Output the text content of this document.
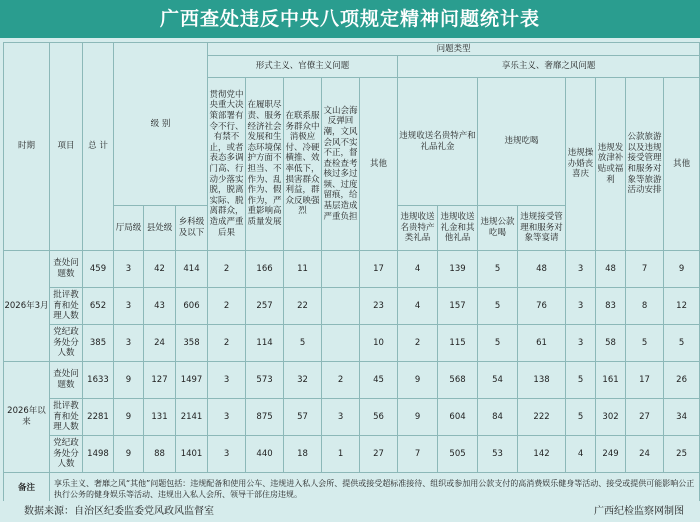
广西查处违反中央八项规定精神问题统计表
时期	项目	总 计	级 别			问题类型												
						形式主义、官僚主义问题					享乐主义、奢靡之风问题							
						贯彻党中央重大决策部署有令不行、有禁不止，或者表态多调门高、行动少落实脱，脱离实际、脱离群众，造成严重后果	在履职尽责、服务经济社会发展和生态环境保护方面不担当、不作为、乱作为、假作为，严重影响高质量发展	在联系服务群众中消极应付、冷硬横推、效率低下，损害群众利益，群众反映强烈	文山会海反弹回潮，文风会风不实不正，督查检查考核过多过频、过度留痕，给基层造成严重负担	其他	违规收送名贵特产和礼品礼金		违规吃喝		违规操办婚丧喜庆	违规发放津补贴或福利	公款旅游以及违规接受管理和服务对象等旅游活动安排	其他
			厅局级	县处级	乡科级及以下						违规收送名贵特产类礼品	违规收送礼金和其他礼品	违规公款吃喝	违规接受管理和服务对象等宴请				
2026年3月	查处问题数	459	3	42	414	2	166	11		17	4	139	5	48	3	48	7	9
	批评教育和处理人数	652	3	43	606	2	257	22		23	4	157	5	76	3	83	8	12
	党纪政务处分人数	385	3	24	358	2	114	5		10	2	115	5	61	3	58	5	5
2026年以来	查处问题数	1633	9	127	1497	3	573	32	2	45	9	568	54	138	5	161	17	26
	批评教育和处理人数	2281	9	131	2141	3	875	57	3	56	9	604	84	222	5	302	27	34
	党纪政务处分人数	1498	9	88	1401	3	440	18	1	27	7	505	53	142	4	249	24	25
备注	享乐主义、奢靡之风“其他”问题包括：违规配备和使用公车、违规进入私人会所、提供或接受超标准接待、组织或参加用公款支付的高消费娱乐健身等活动、接受或提供可能影响公正执行公务的健身娱乐等活动、违规出入私人会所、领导干部住房违规。																	
数据来源：自治区纪委监委党风政风监督室	广西纪检监察网制图
